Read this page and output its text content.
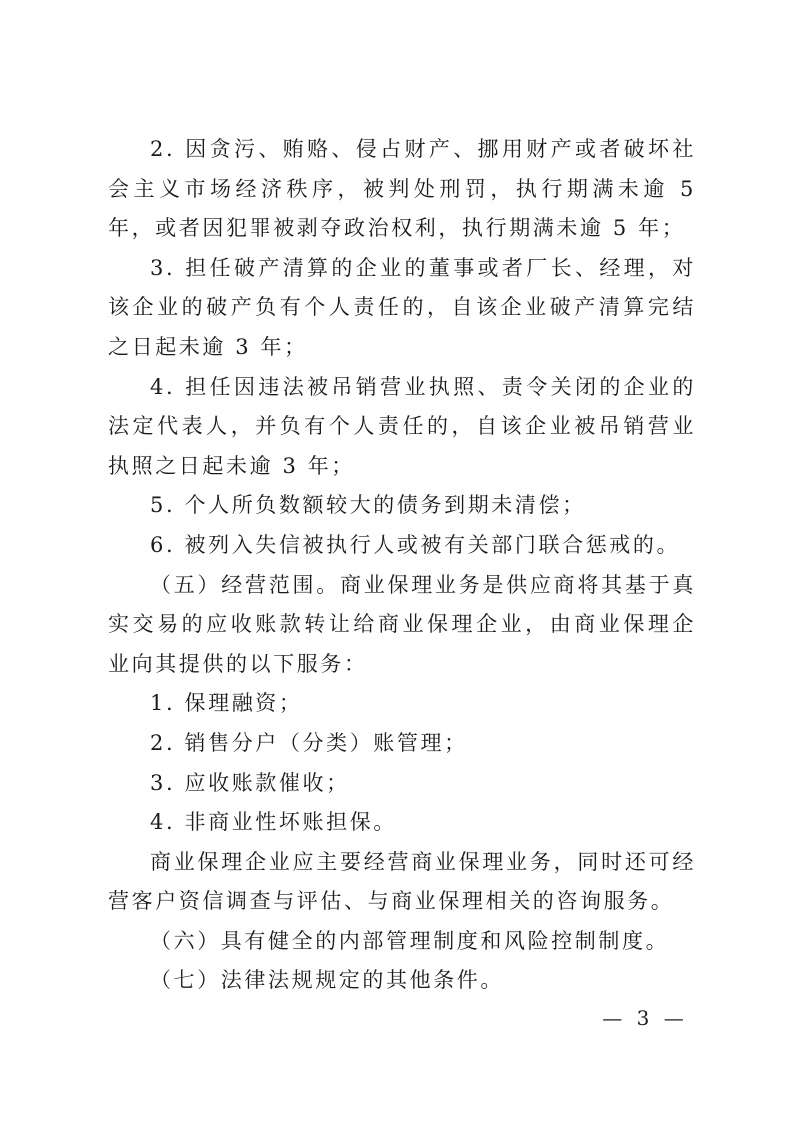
2. 因贪污、贿赂、侵占财产、挪用财产或者破坏社会主义市场经济秩序，被判处刑罚，执行期满未逾 5 年，或者因犯罪被剥夺政治权利，执行期满未逾 5 年；

3. 担任破产清算的企业的董事或者厂长、经理，对该企业的破产负有个人责任的，自该企业破产清算完结之日起未逾 3 年；

4. 担任因违法被吊销营业执照、责令关闭的企业的法定代表人，并负有个人责任的，自该企业被吊销营业执照之日起未逾 3 年；

5. 个人所负数额较大的债务到期未清偿；

6. 被列入失信被执行人或被有关部门联合惩戒的。

（五）经营范围。商业保理业务是供应商将其基于真实交易的应收账款转让给商业保理企业，由商业保理企业向其提供的以下服务：

1. 保理融资；

2. 销售分户（分类）账管理；

3. 应收账款催收；

4. 非商业性坏账担保。

商业保理企业应主要经营商业保理业务，同时还可经营客户资信调查与评估、与商业保理相关的咨询服务。

（六）具有健全的内部管理制度和风险控制制度。

（七）法律法规规定的其他条件。

— 3 —
